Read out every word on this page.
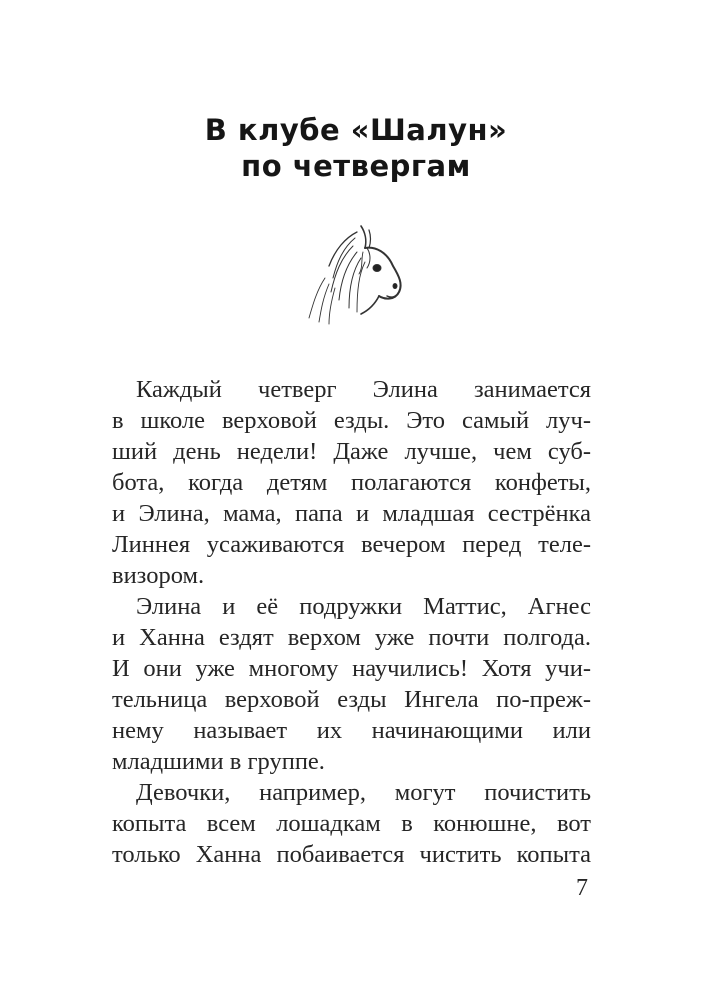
В клубе «Шалун»
по четвергам
Каждый четверг Элина занимается
в школе верховой езды. Это самый луч-
ший день недели! Даже лучше, чем суб-
бота, когда детям полагаются конфеты,
и Элина, мама, папа и младшая сестрёнка
Линнея усаживаются вечером перед теле-
визором.
Элина и её подружки Маттис, Агнес
и Ханна ездят верхом уже почти полгода.
И они уже многому научились! Хотя учи-
тельница верховой езды Ингела по-преж-
нему называет их начинающими или
младшими в группе.
Девочки, например, могут почистить
копыта всем лошадкам в конюшне, вот
только Ханна побаивается чистить копыта
7
